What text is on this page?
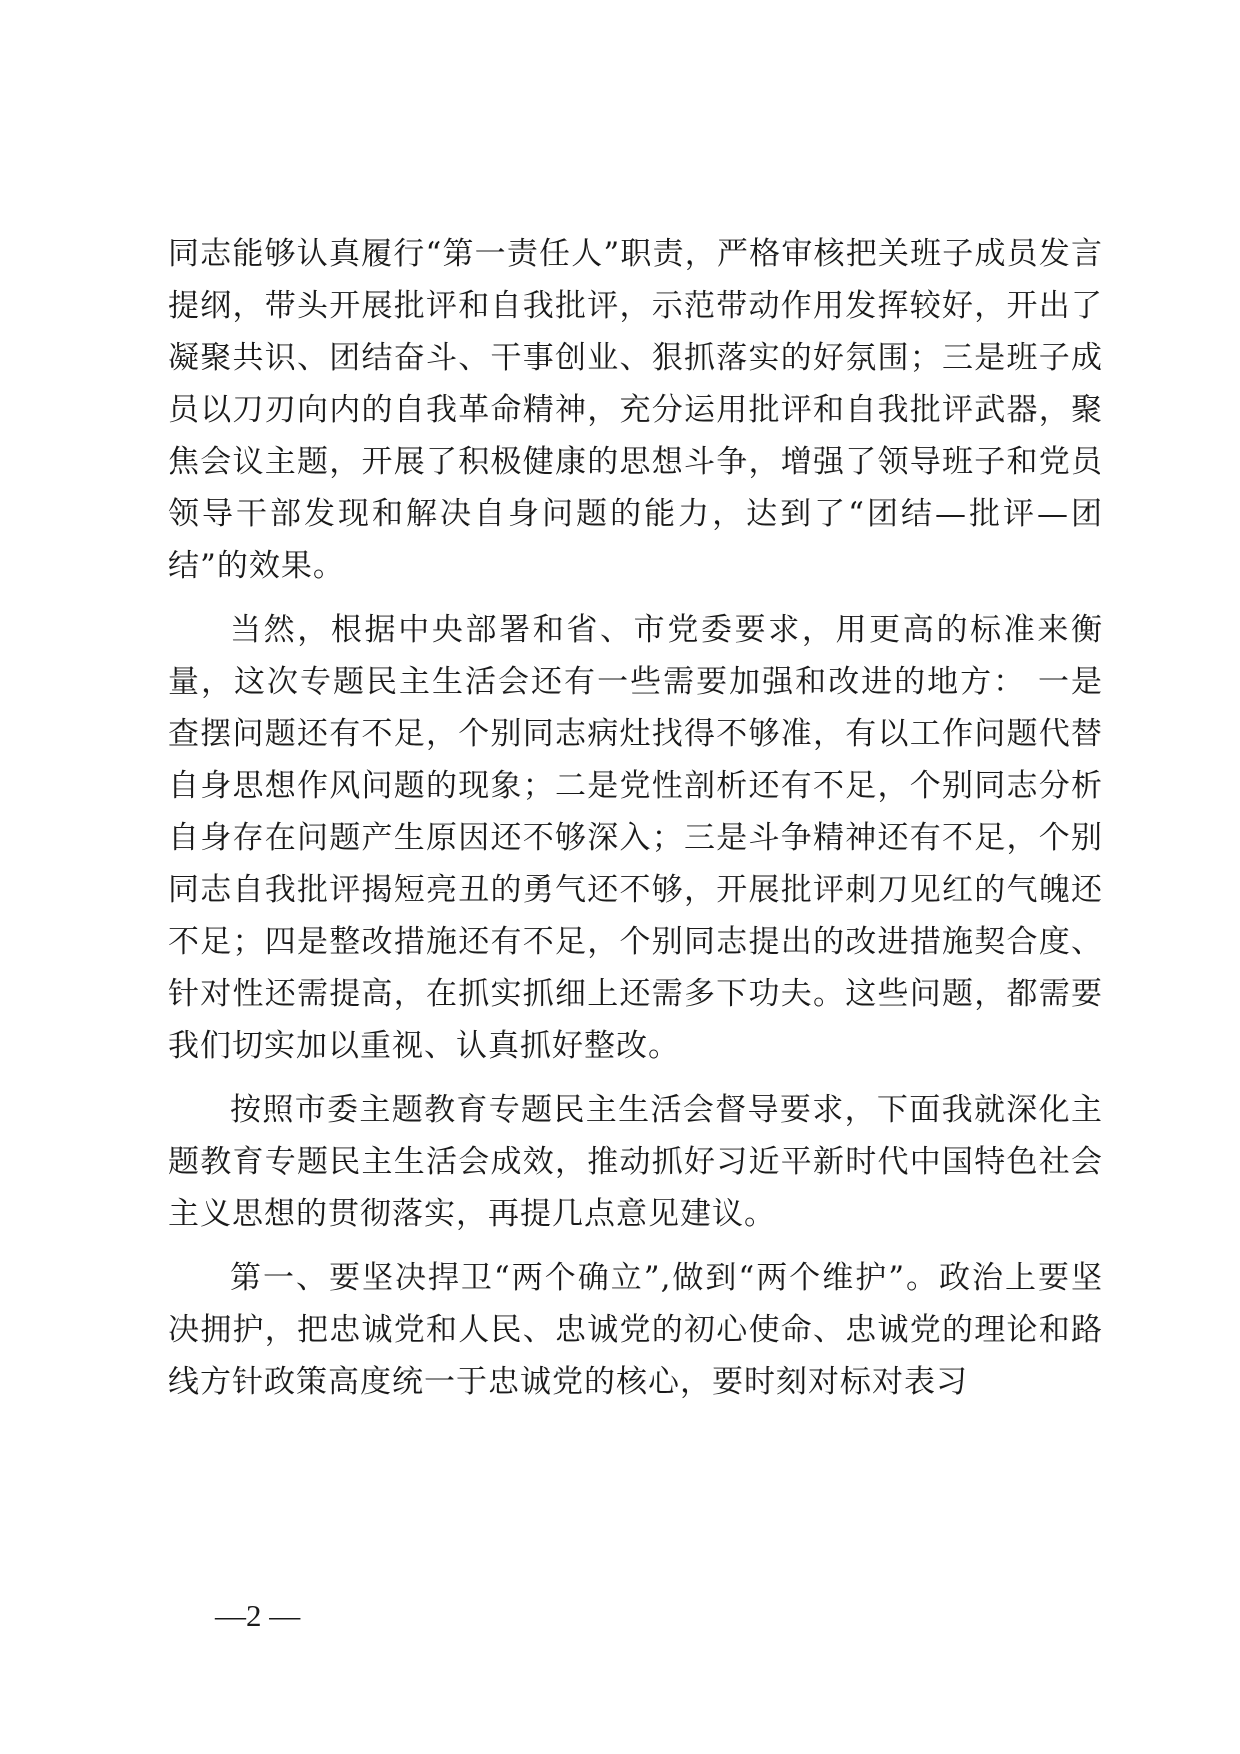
同志能够认真履行“第一责任人”职责，严格审核把关班子成员发言提纲，带头开展批评和自我批评，示范带动作用发挥较好，开出了凝聚共识、团结奋斗、干事创业、狠抓落实的好氛围；三是班子成员以刀刃向内的自我革命精神，充分运用批评和自我批评武器，聚焦会议主题，开展了积极健康的思想斗争，增强了领导班子和党员领导干部发现和解决自身问题的能力，达到了“团结—批评—团结”的效果。

当然，根据中央部署和省、市党委要求，用更高的标准来衡量，这次专题民主生活会还有一些需要加强和改进的地方： 一是查摆问题还有不足，个别同志病灶找得不够准，有以工作问题代替自身思想作风问题的现象；二是党性剖析还有不足，个别同志分析自身存在问题产生原因还不够深入；三是斗争精神还有不足，个别同志自我批评揭短亮丑的勇气还不够，开展批评刺刀见红的气魄还不足；四是整改措施还有不足，个别同志提出的改进措施契合度、针对性还需提高，在抓实抓细上还需多下功夫。这些问题，都需要我们切实加以重视、认真抓好整改。

按照市委主题教育专题民主生活会督导要求，下面我就深化主题教育专题民主生活会成效，推动抓好习近平新时代中国特色社会主义思想的贯彻落实，再提几点意见建议。

第一、要坚决捍卫“两个确立”,做到“两个维护”。政治上要坚决拥护，把忠诚党和人民、忠诚党的初心使命、忠诚党的理论和路线方针政策高度统一于忠诚党的核心，要时刻对标对表习

—2 —
